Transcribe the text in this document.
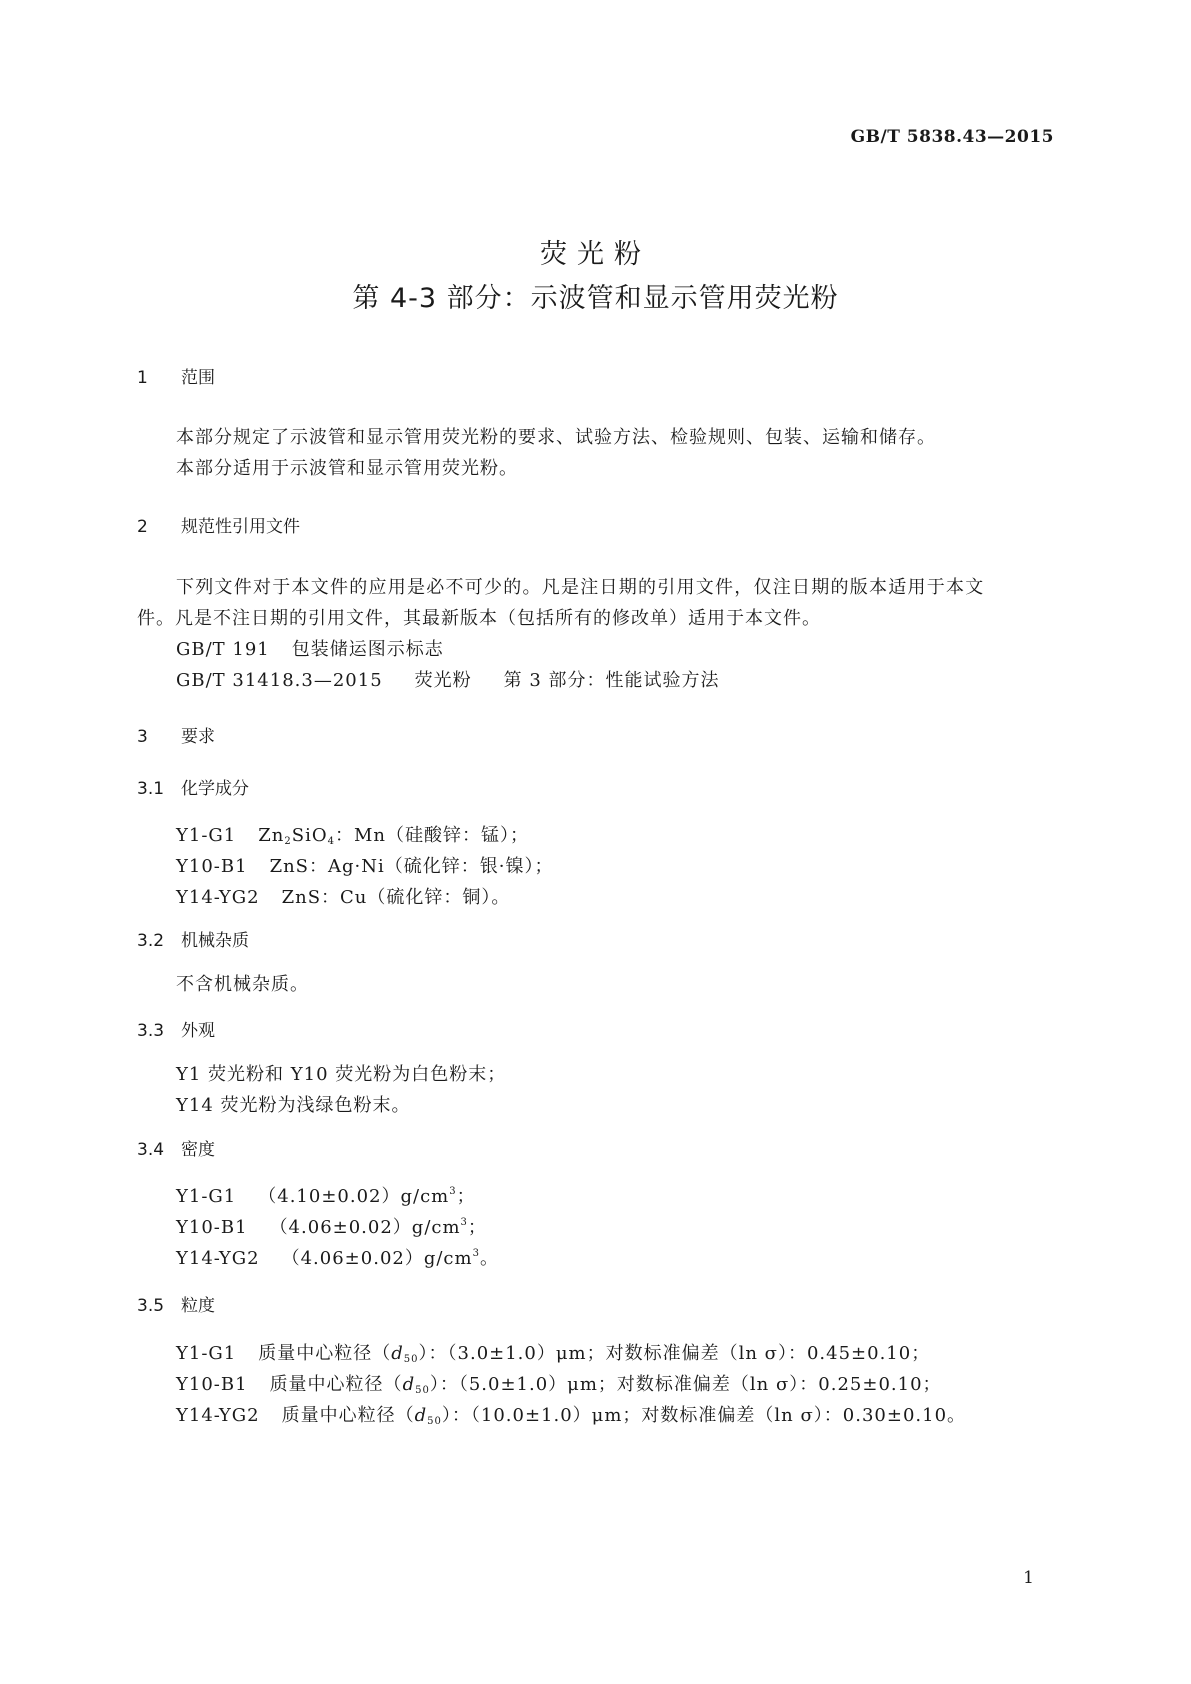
GB/T 5838.43—2015
荧光粉
第 4-3 部分：示波管和显示管用荧光粉
1 范围
本部分规定了示波管和显示管用荧光粉的要求、试验方法、检验规则、包装、运输和储存。
本部分适用于示波管和显示管用荧光粉。
2 规范性引用文件
下列文件对于本文件的应用是必不可少的。凡是注日期的引用文件，仅注日期的版本适用于本文
件。凡是不注日期的引用文件，其最新版本（包括所有的修改单）适用于本文件。
GB/T 191 包装储运图示标志
GB/T 31418.3—2015 荧光粉 第 3 部分：性能试验方法
3 要求
3.1 化学成分
Y1-G1 $Zn_2SiO_4$：Mn（硅酸锌：锰）；
Y10-B1 ZnS：Ag·Ni（硫化锌：银·镍）；
Y14-YG2 ZnS：Cu（硫化锌：铜）。
3.2 机械杂质
不含机械杂质。
3.3 外观
Y1 荧光粉和 Y10 荧光粉为白色粉末；
Y14 荧光粉为浅绿色粉末。
3.4 密度
Y1-G1 $(4.10\pm 0.02)g/cm^3$；
Y10-B1 $(4.06\pm 0.02)g/cm^3$；
Y14-YG2 $(4.06\pm 0.02)g/cm^3$。
3.5 粒度
Y1-G1 质量中心粒径$(d_{50})$：（3.0±1.0）μm；对数标准偏差（ln σ）：0.45±0.10；
Y10-B1 质量中心粒径$(d_{50})$：（5.0±1.0）μm；对数标准偏差（ln σ）：0.25±0.10；
Y14-YG2 质量中心粒径$(d_{50})$：（10.0±1.0）μm；对数标准偏差（ln σ）：0.30±0.10。
1
